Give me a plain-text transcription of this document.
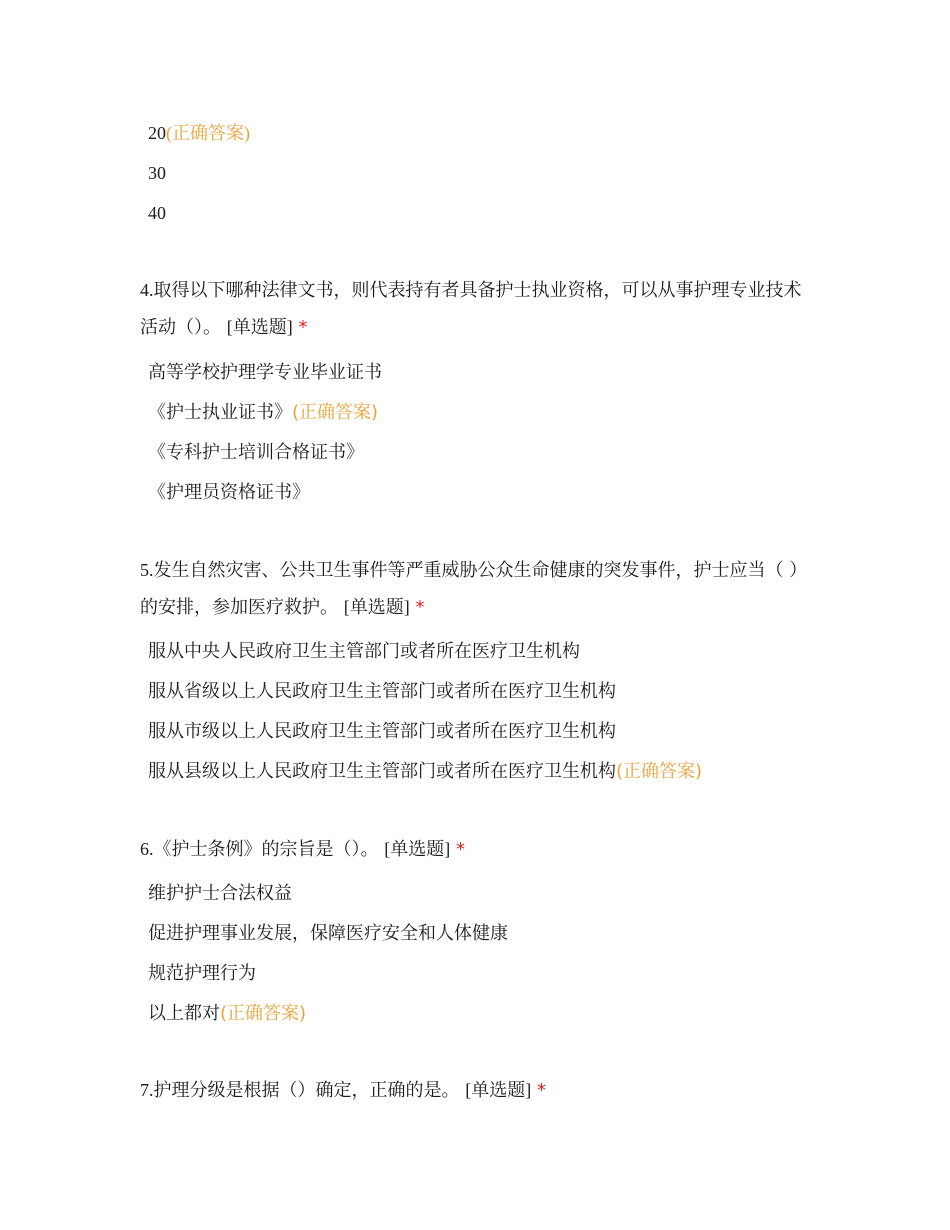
20(正确答案)
30
40
4.取得以下哪种法律文书，则代表持有者具备护士执业资格，可以从事护理专业技术活动（）。 [单选题] *
高等学校护理学专业毕业证书
《护士执业证书》(正确答案)
《专科护士培训合格证书》
《护理员资格证书》
5.发生自然灾害、公共卫生事件等严重威胁公众生命健康的突发事件，护士应当（ ）的安排，参加医疗救护。 [单选题] *
服从中央人民政府卫生主管部门或者所在医疗卫生机构
服从省级以上人民政府卫生主管部门或者所在医疗卫生机构
服从市级以上人民政府卫生主管部门或者所在医疗卫生机构
服从县级以上人民政府卫生主管部门或者所在医疗卫生机构(正确答案)
6.《护士条例》的宗旨是（）。 [单选题] *
维护护士合法权益
促进护理事业发展，保障医疗安全和人体健康
规范护理行为
以上都对(正确答案)
7.护理分级是根据（）确定，正确的是。 [单选题] *
